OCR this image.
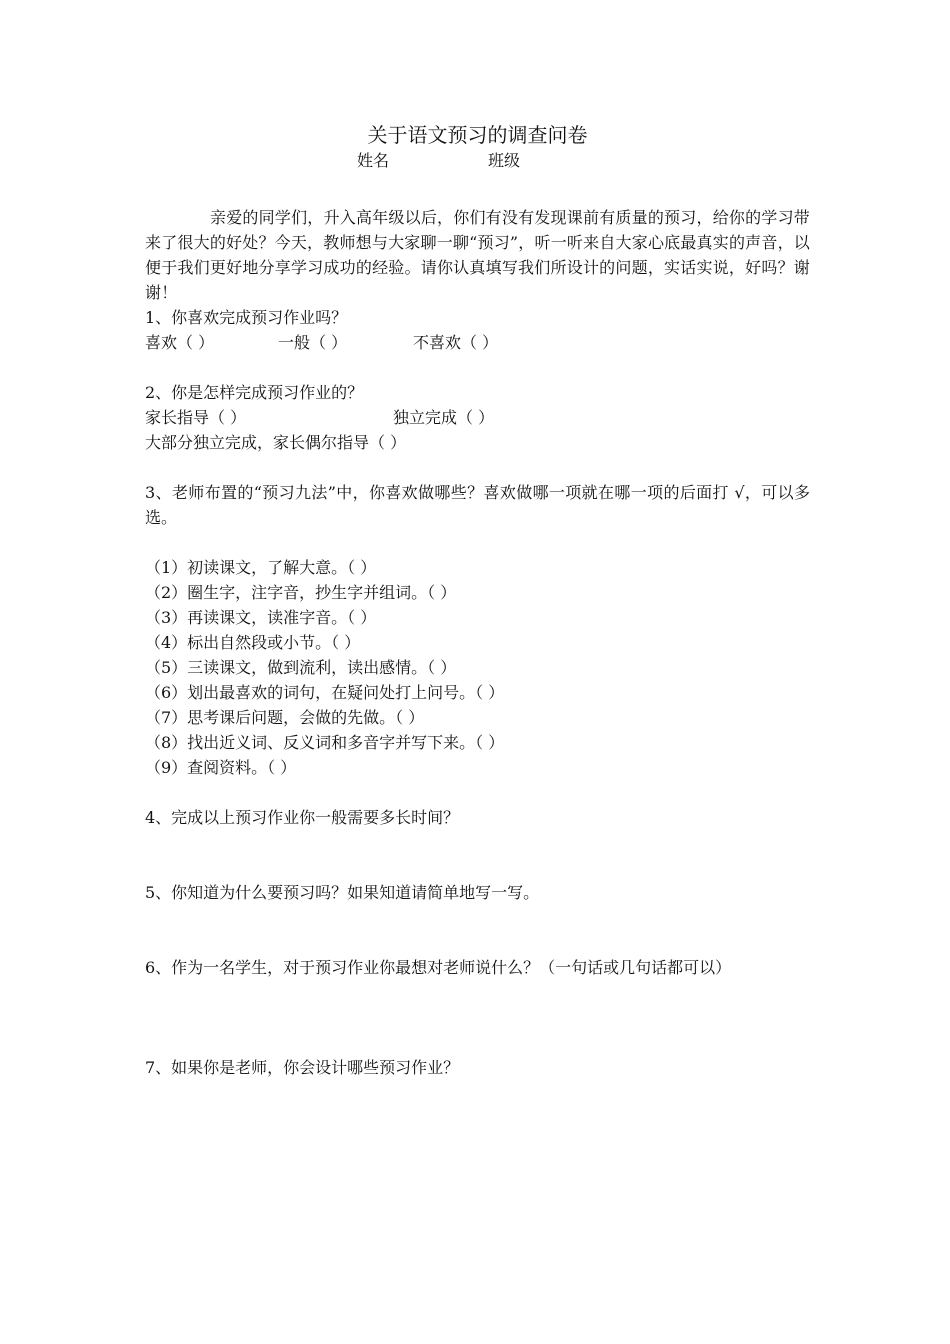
关于语文预习的调查问卷

姓名	班级

亲爱的同学们，升入高年级以后，你们有没有发现课前有质量的预习，给你的学习带来了很大的好处？今天，教师想与大家聊一聊“预习”，听一听来自大家心底最真实的声音，以便于我们更好地分享学习成功的经验。请你认真填写我们所设计的问题，实话实说，好吗？谢谢！

1、你喜欢完成预习作业吗？

喜欢（ ）	一般（ ）	不喜欢（ ）

2、你是怎样完成预习作业的？

家长指导（ ）	独立完成（ ）
大部分独立完成，家长偶尔指导（ ）

3、老师布置的“预习九法”中，你喜欢做哪些？喜欢做哪一项就在哪一项的后面打 √，可以多选。

（1）初读课文，了解大意。（ ）

（2）圈生字，注字音，抄生字并组词。（ ）

（3）再读课文，读准字音。（ ）

（4）标出自然段或小节。（ ）

（5）三读课文，做到流利，读出感情。（ ）

（6）划出最喜欢的词句，在疑问处打上问号。（ ）

（7）思考课后问题，会做的先做。（ ）

（8）找出近义词、反义词和多音字并写下来。（ ）

（9）查阅资料。（ ）

4、完成以上预习作业你一般需要多长时间？

5、你知道为什么要预习吗？如果知道请简单地写一写。

6、作为一名学生，对于预习作业你最想对老师说什么？（一句话或几句话都可以）

7、如果你是老师，你会设计哪些预习作业？
